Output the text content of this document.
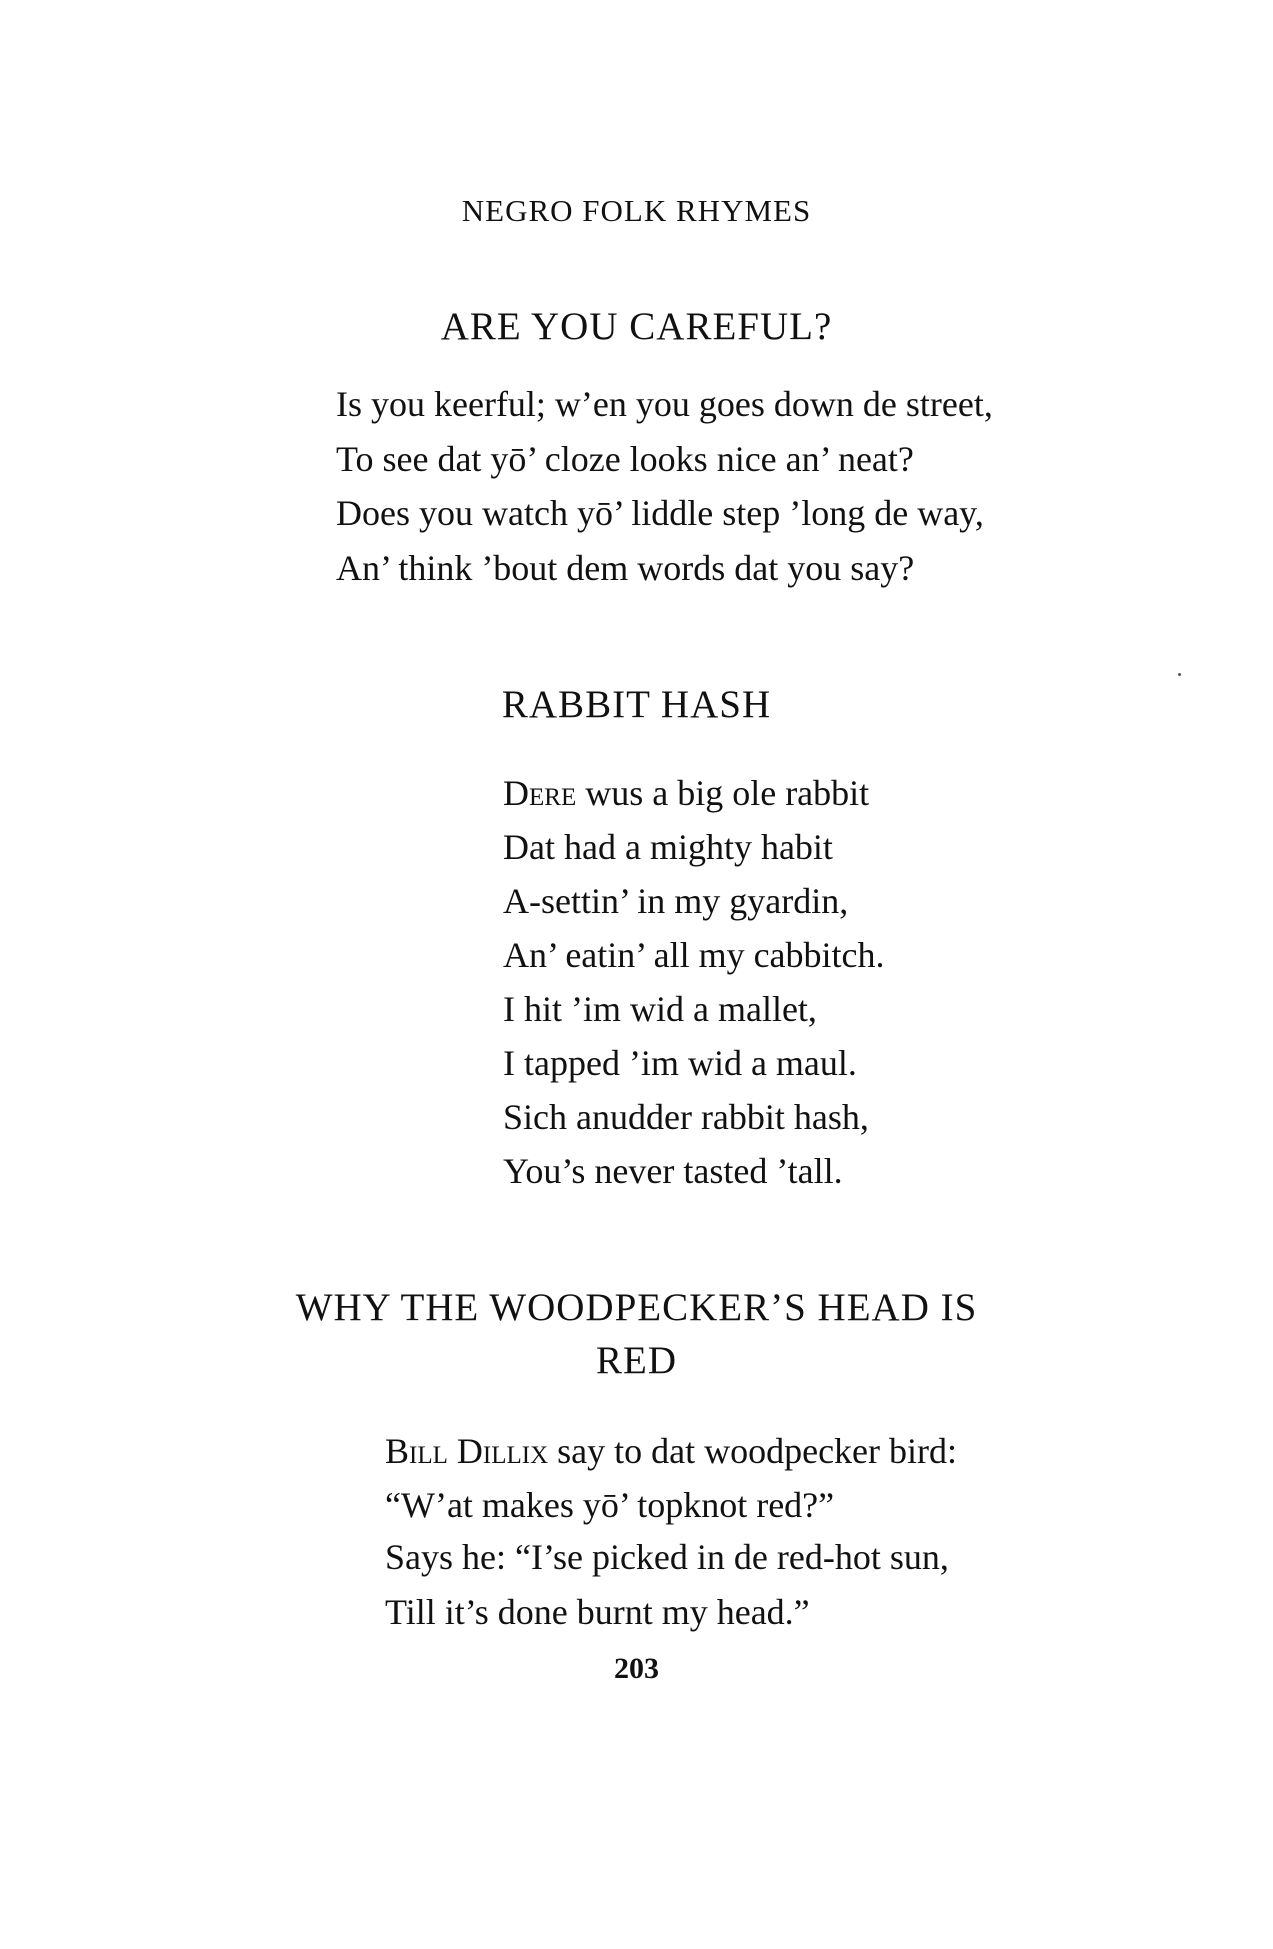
NEGRO FOLK RHYMES
ARE YOU CAREFUL?
Is you keerful; w’en you goes down de street,
To see dat yō’ cloze looks nice an’ neat?
Does you watch yō’ liddle step ’long de way,
An’ think ’bout dem words dat you say?
RABBIT HASH
Dere wus a big ole rabbit
Dat had a mighty habit
A-settin’ in my gyardin,
An’ eatin’ all my cabbitch.
I hit ’im wid a mallet,
I tapped ’im wid a maul.
Sich anudder rabbit hash,
You’s never tasted ’tall.
WHY THE WOODPECKER’S HEAD IS
RED
Bill Dillix say to dat woodpecker bird:
“W’at makes yō’ topknot red?”
Says he: “I’se picked in de red-hot sun,
Till it’s done burnt my head.”
203
